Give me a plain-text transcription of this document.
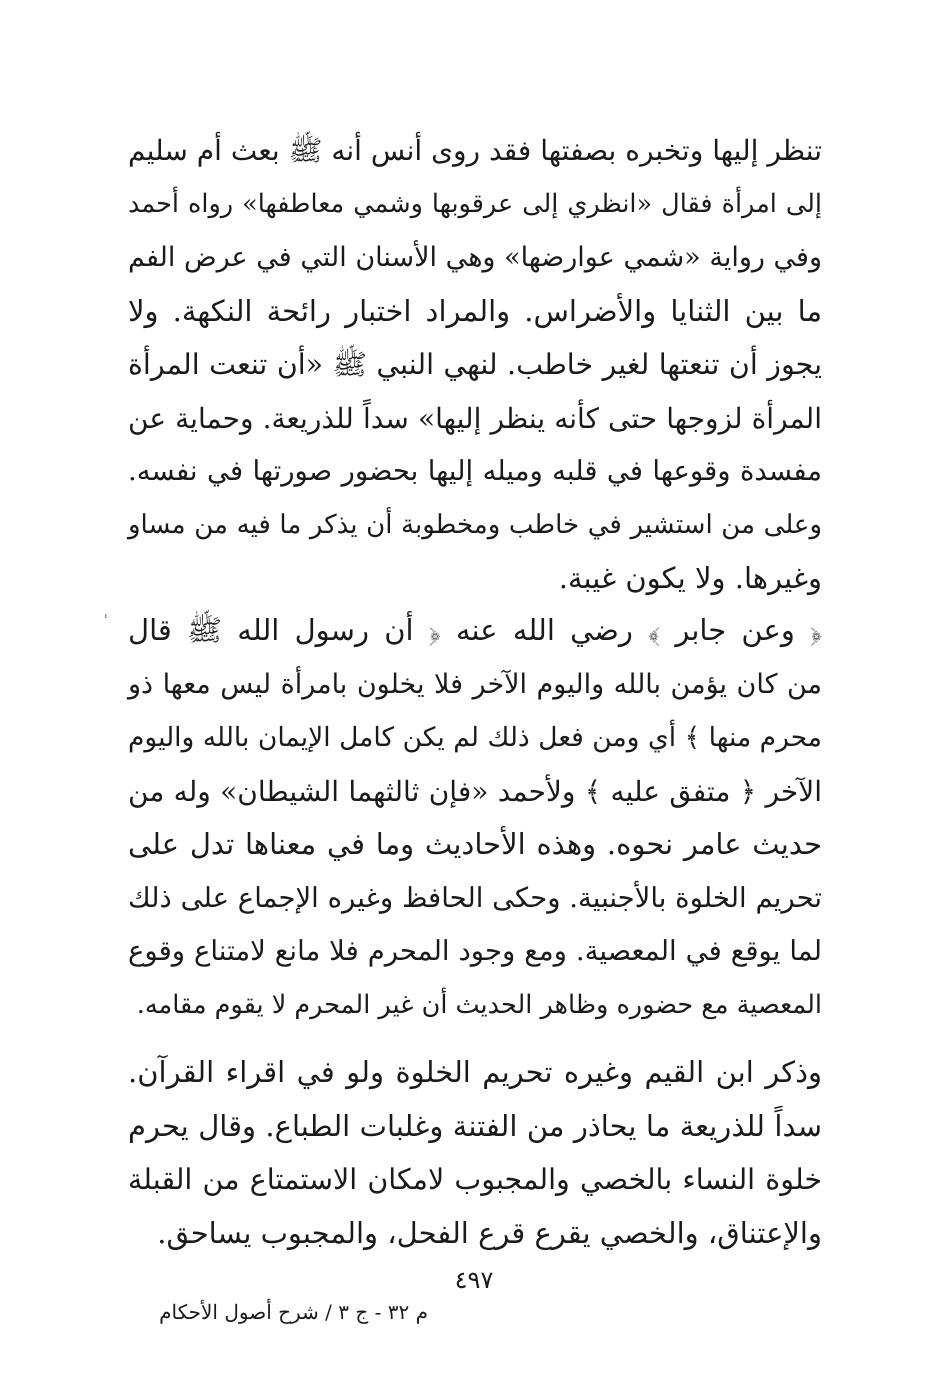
تنظر إليها وتخبره بصفتها فقد روى أنس أنه ﷺ بعث أم سليم
إلى امرأة فقال «انظري إلى عرقوبها وشمي معاطفها» رواه أحمد
وفي رواية «شمي عوارضها» وهي الأسنان التي في عرض الفم
ما بين الثنايا والأضراس. والمراد اختبار رائحة النكهة. ولا
يجوز أن تنعتها لغير خاطب. لنهي النبي ﷺ «أن تنعت المرأة
المرأة لزوجها حتى كأنه ينظر إليها» سداً للذريعة. وحماية عن
مفسدة وقوعها في قلبه وميله إليها بحضور صورتها في نفسه.
وعلى من استشير في خاطب ومخطوبة أن يذكر ما فيه من مساو
وغيرها. ولا يكون غيبة.
ʿ ﴿ وعن جابر ﴾ رضي الله عنه ﴿ أن رسول الله ﷺ قال
من كان يؤمن بالله واليوم الآخر فلا يخلون بامرأة ليس معها ذو
محرم منها ﴾ أي ومن فعل ذلك لم يكن كامل الإيمان بالله واليوم
الآخر ﴿ متفق عليه ﴾ ولأحمد «فإن ثالثهما الشيطان» وله من
حديث عامر نحوه. وهذه الأحاديث وما في معناها تدل على
تحريم الخلوة بالأجنبية. وحكى الحافظ وغيره الإجماع على ذلك
لما يوقع في المعصية. ومع وجود المحرم فلا مانع لامتناع وقوع
المعصية مع حضوره وظاهر الحديث أن غير المحرم لا يقوم مقامه.
وذكر ابن القيم وغيره تحريم الخلوة ولو في اقراء القرآن.
سداً للذريعة ما يحاذر من الفتنة وغلبات الطباع. وقال يحرم
خلوة النساء بالخصي والمجبوب لامكان الاستمتاع من القبلة
والإعتناق، والخصي يقرع قرع الفحل، والمجبوب يساحق.
٤٩٧
م ٣٢ - ج ٣ / شرح أصول الأحكام
